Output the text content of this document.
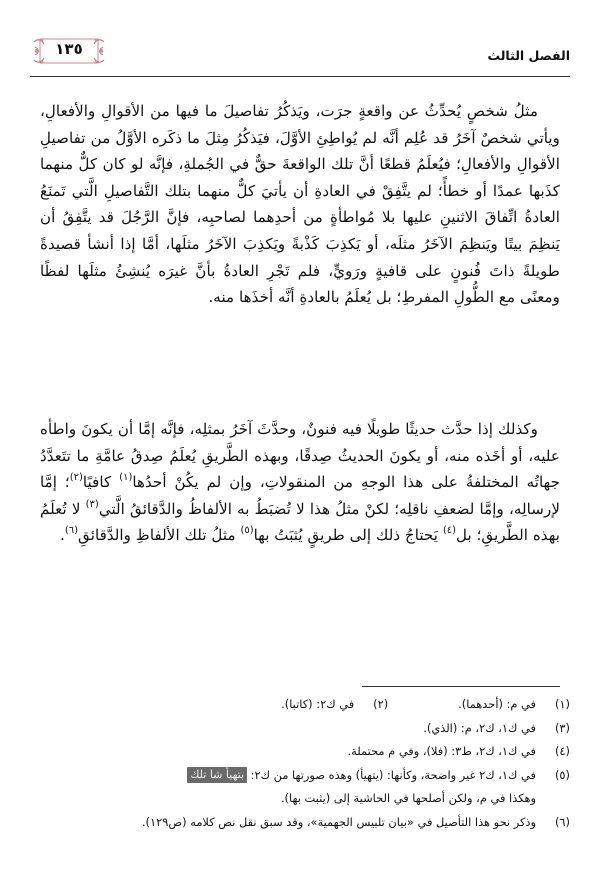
الفصل الثالث
١٣٥

مثلُ شخصٍ يُحدِّثُ عن واقعةٍ جرَت، ويَذكُرُ تفاصيلَ ما فيها من الأقوالِ والأفعالِ، ويأتي شخصٌ آخَرُ قد عُلِم أنَّه لم يُواطِئِ الأوَّلَ، فيَذكُرُ مِثلَ ما ذكَره الأوَّلُ من تفاصيلِ الأقوالِ والأفعالِ؛ فيُعلَمُ قطعًا أنَّ تلك الواقعةَ حقٌّ في الجُملةِ، فإنَّه لو كان كلٌّ منهما كذَبها عمدًا أو خطأً؛ لم يتَّفِقْ في العادةِ أن يأتيَ كلٌّ منهما بتلك التَّفاصيلِ الَّتي تَمنَعُ العادةُ اتِّفاقَ الاثنينِ عليها بلا مُواطأةٍ من أحدِهما لصاحبِه، فإنَّ الرَّجُلَ قد يتَّفِقُ أن يَنظِمَ بيتًا ويَنظِمَ الآخَرُ مثلَه، أو يَكذِبَ كَذْبةً ويَكذِبَ الآخَرُ مثلَها، أمَّا إذا أنشأ قصيدةً طويلةً ذاتَ فُنونٍ على قافيةٍ ورَويٍّ، فلم تَجْرِ العادةُ بأنَّ غيرَه يُنشِئُ مثلَها لفظًا ومعنًى مع الطُّولِ المفرطِ؛ بل يُعلَمُ بالعادةِ أنَّه أخذَها منه.

وكذلك إذا حدَّث حديثًا طويلًا فيه فنونٌ، وحدَّثَ آخَرُ بمثلِه، فإنَّه إمَّا أن يكونَ واطأه عليه، أو أخَذه منه، أو يكونَ الحديثُ صِدقًا، وبهذه الطَّريقِ يُعلَمُ صِدقُ عامَّةِ ما تتَعدَّدُ جهاتُه المختلفةُ على هذا الوجهِ من المنقولاتِ، وإن لم يكُنْ أحدُها$^{(١)}$ كافيًا$^{(٢)}$؛ إمَّا لإرسالِه، وإمَّا لضعفِ ناقلِه؛ لكنْ مثلُ هذا لا تُضبَطُ به الألفاظُ والدَّقائقُ الَّتي$^{(٣)}$ لا تُعلَمُ بهذه الطَّريقِ؛ بل$^{(٤)}$ يَحتاجُ ذلك إلى طريقٍ يُثبَتُ بها$^{(٥)}$ مثلُ تلك الألفاظِ والدَّقائقِ$^{(٦)}$.

(١)
في م: (أحدهما).
(٢)
في ك٢: (كاتبا).
(٣)
في ك١، ك٢، م: (الذي).
(٤)
في ك١، ك٢، ط٣: (فلا)، وفي م محتملة.
(٥)
في ك١، ك٢ غير واضحة، وكأنها: (يتهيأ) وهذه صورتها من ك٢: بتهيأ شا تلك
وهكذا في م، ولكن أصلحها في الحاشية إلى (يثبت بها).
(٦)
وذكر نحو هذا التأصيل في «بيان تلبيس الجهمية»، وقد سبق نقل نص كلامه (ص١٢٩).
